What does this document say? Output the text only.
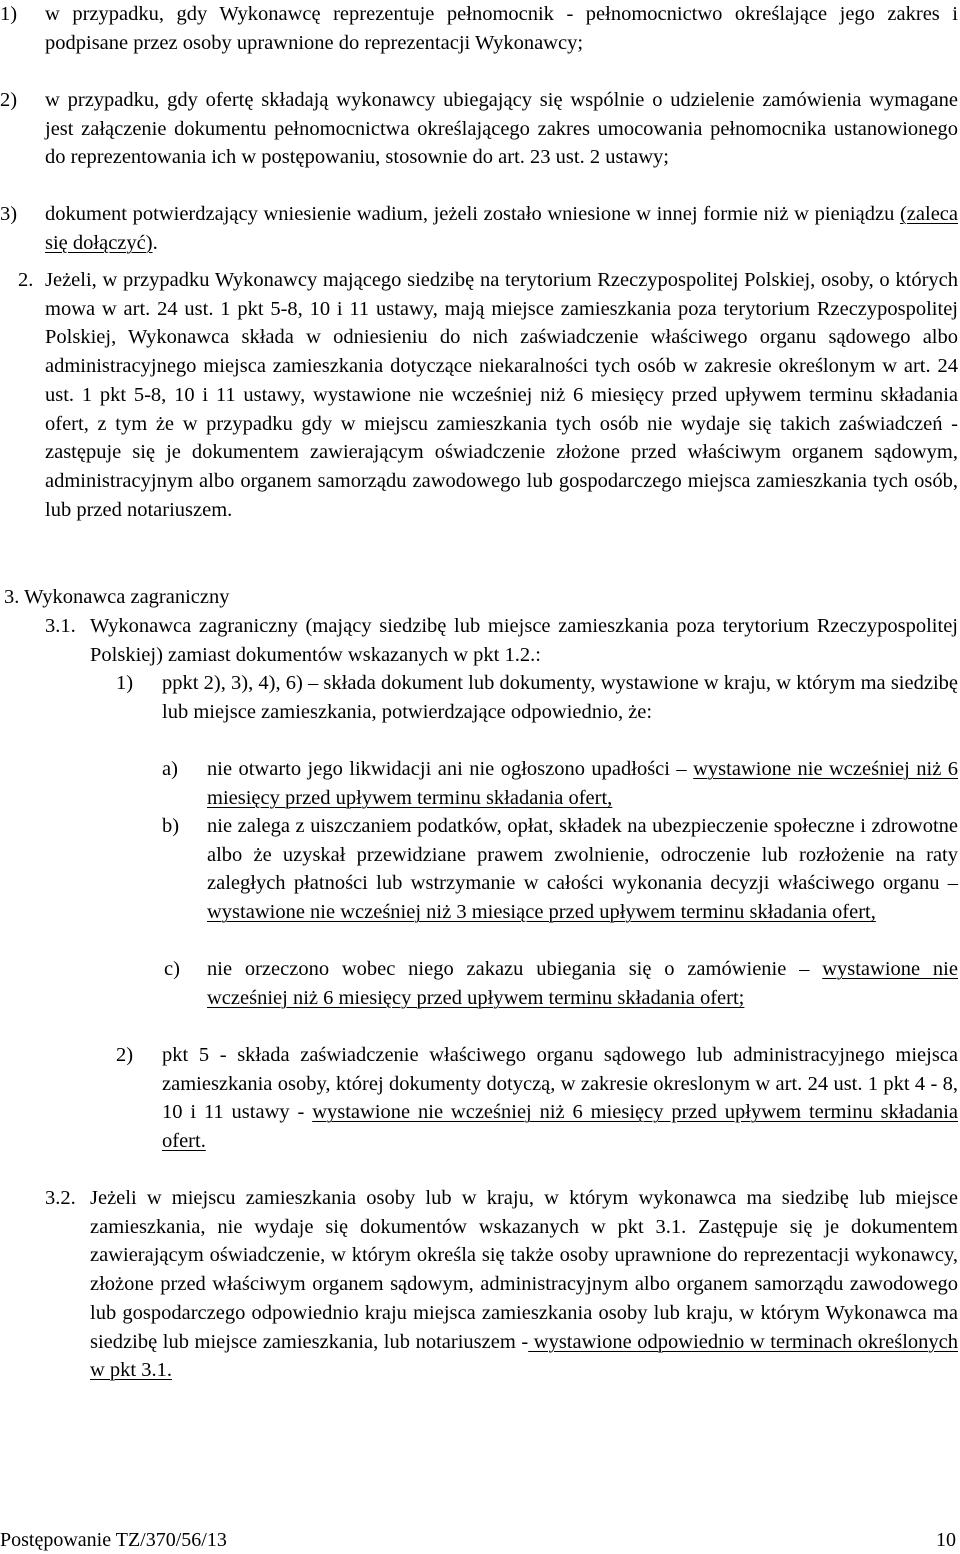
1) w przypadku, gdy Wykonawcę reprezentuje pełnomocnik - pełnomocnictwo określające jego zakres i podpisane przez osoby uprawnione do reprezentacji Wykonawcy;
2) w przypadku, gdy ofertę składają wykonawcy ubiegający się wspólnie o udzielenie zamówienia wymagane jest załączenie dokumentu pełnomocnictwa określającego zakres umocowania pełnomocnika ustanowionego do reprezentowania ich w postępowaniu, stosownie do art. 23 ust. 2 ustawy;
3) dokument potwierdzający wniesienie wadium, jeżeli zostało wniesione w innej formie niż w pieniądzu (zaleca się dołączyć).
2. Jeżeli, w przypadku Wykonawcy mającego siedzibę na terytorium Rzeczypospolitej Polskiej, osoby, o których mowa w art. 24 ust. 1 pkt 5-8, 10 i 11 ustawy, mają miejsce zamieszkania poza terytorium Rzeczypospolitej Polskiej, Wykonawca składa w odniesieniu do nich zaświadczenie właściwego organu sądowego albo administracyjnego miejsca zamieszkania dotyczące niekaralności tych osób w zakresie określonym w art. 24 ust. 1 pkt 5-8, 10 i 11 ustawy, wystawione nie wcześniej niż 6 miesięcy przed upływem terminu składania ofert, z tym że w przypadku gdy w miejscu zamieszkania tych osób nie wydaje się takich zaświadczeń - zastępuje się je dokumentem zawierającym oświadczenie złożone przed właściwym organem sądowym, administracyjnym albo organem samorządu zawodowego lub gospodarczego miejsca zamieszkania tych osób, lub przed notariuszem.
3. Wykonawca zagraniczny
3.1. Wykonawca zagraniczny (mający siedzibę lub miejsce zamieszkania poza terytorium Rzeczypospolitej Polskiej) zamiast dokumentów wskazanych w pkt 1.2.:
1) ppkt 2), 3), 4), 6) – składa dokument lub dokumenty, wystawione w kraju, w którym ma siedzibę lub miejsce zamieszkania, potwierdzające odpowiednio, że:
a) nie otwarto jego likwidacji ani nie ogłoszono upadłości – wystawione nie wcześniej niż 6 miesięcy przed upływem terminu składania ofert,
b) nie zalega z uiszczaniem podatków, opłat, składek na ubezpieczenie społeczne i zdrowotne albo że uzyskał przewidziane prawem zwolnienie, odroczenie lub rozłożenie na raty zaległych płatności lub wstrzymanie w całości wykonania decyzji właściwego organu – wystawione nie wcześniej niż 3 miesiące przed upływem terminu składania ofert,
c) nie orzeczono wobec niego zakazu ubiegania się o zamówienie – wystawione nie wcześniej niż 6 miesięcy przed upływem terminu składania ofert;
2) pkt 5 - składa zaświadczenie właściwego organu sądowego lub administracyjnego miejsca zamieszkania osoby, której dokumenty dotyczą, w zakresie okreslonym w art. 24 ust. 1 pkt 4 - 8, 10 i 11 ustawy - wystawione nie wcześniej niż 6 miesięcy przed upływem terminu składania ofert.
3.2. Jeżeli w miejscu zamieszkania osoby lub w kraju, w którym wykonawca ma siedzibę lub miejsce zamieszkania, nie wydaje się dokumentów wskazanych w pkt 3.1. Zastępuje się je dokumentem zawierającym oświadczenie, w którym określa się także osoby uprawnione do reprezentacji wykonawcy, złożone przed właściwym organem sądowym, administracyjnym albo organem samorządu zawodowego lub gospodarczego odpowiednio kraju miejsca zamieszkania osoby lub kraju, w którym Wykonawca ma siedzibę lub miejsce zamieszkania, lub notariuszem - wystawione odpowiednio w terminach określonych w pkt 3.1.
Postępowanie TZ/370/56/13	10
